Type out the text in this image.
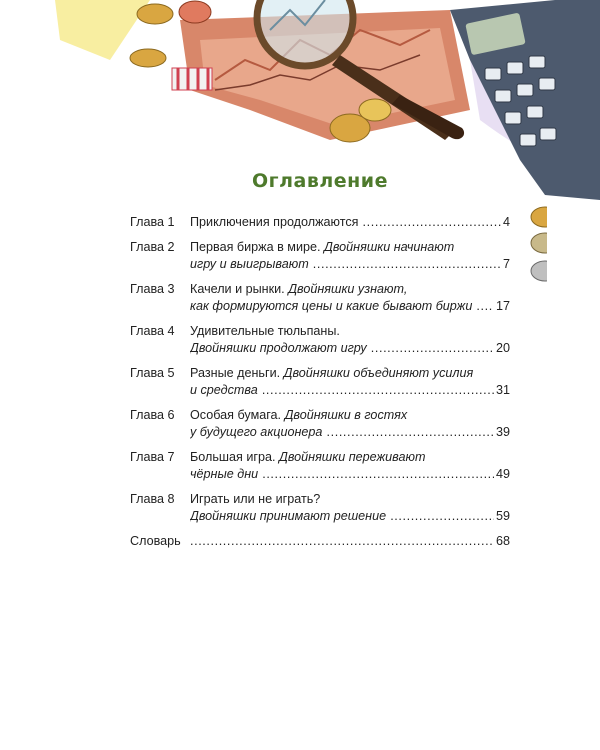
Оглавление
Глава 1	Приключения продолжаются .....	4
Глава 2	Первая биржа в мире. Двойняшки начинают
игру и выигрывают .....	7
Глава 3	Качели и рынки. Двойняшки узнают,
как формируются цены и какие бывают биржи .....	17
Глава 4	Удивительные тюльпаны.
Двойняшки продолжают игру .....	20
Глава 5	Разные деньги. Двойняшки объединяют усилия
и средства .....	31
Глава 6	Особая бумага. Двойняшки в гостях
у будущего акционера .....	39
Глава 7	Большая игра. Двойняшки переживают
чёрные дни .....	49
Глава 8	Играть или не играть?
Двойняшки принимают решение .....	59
Словарь .....	68
